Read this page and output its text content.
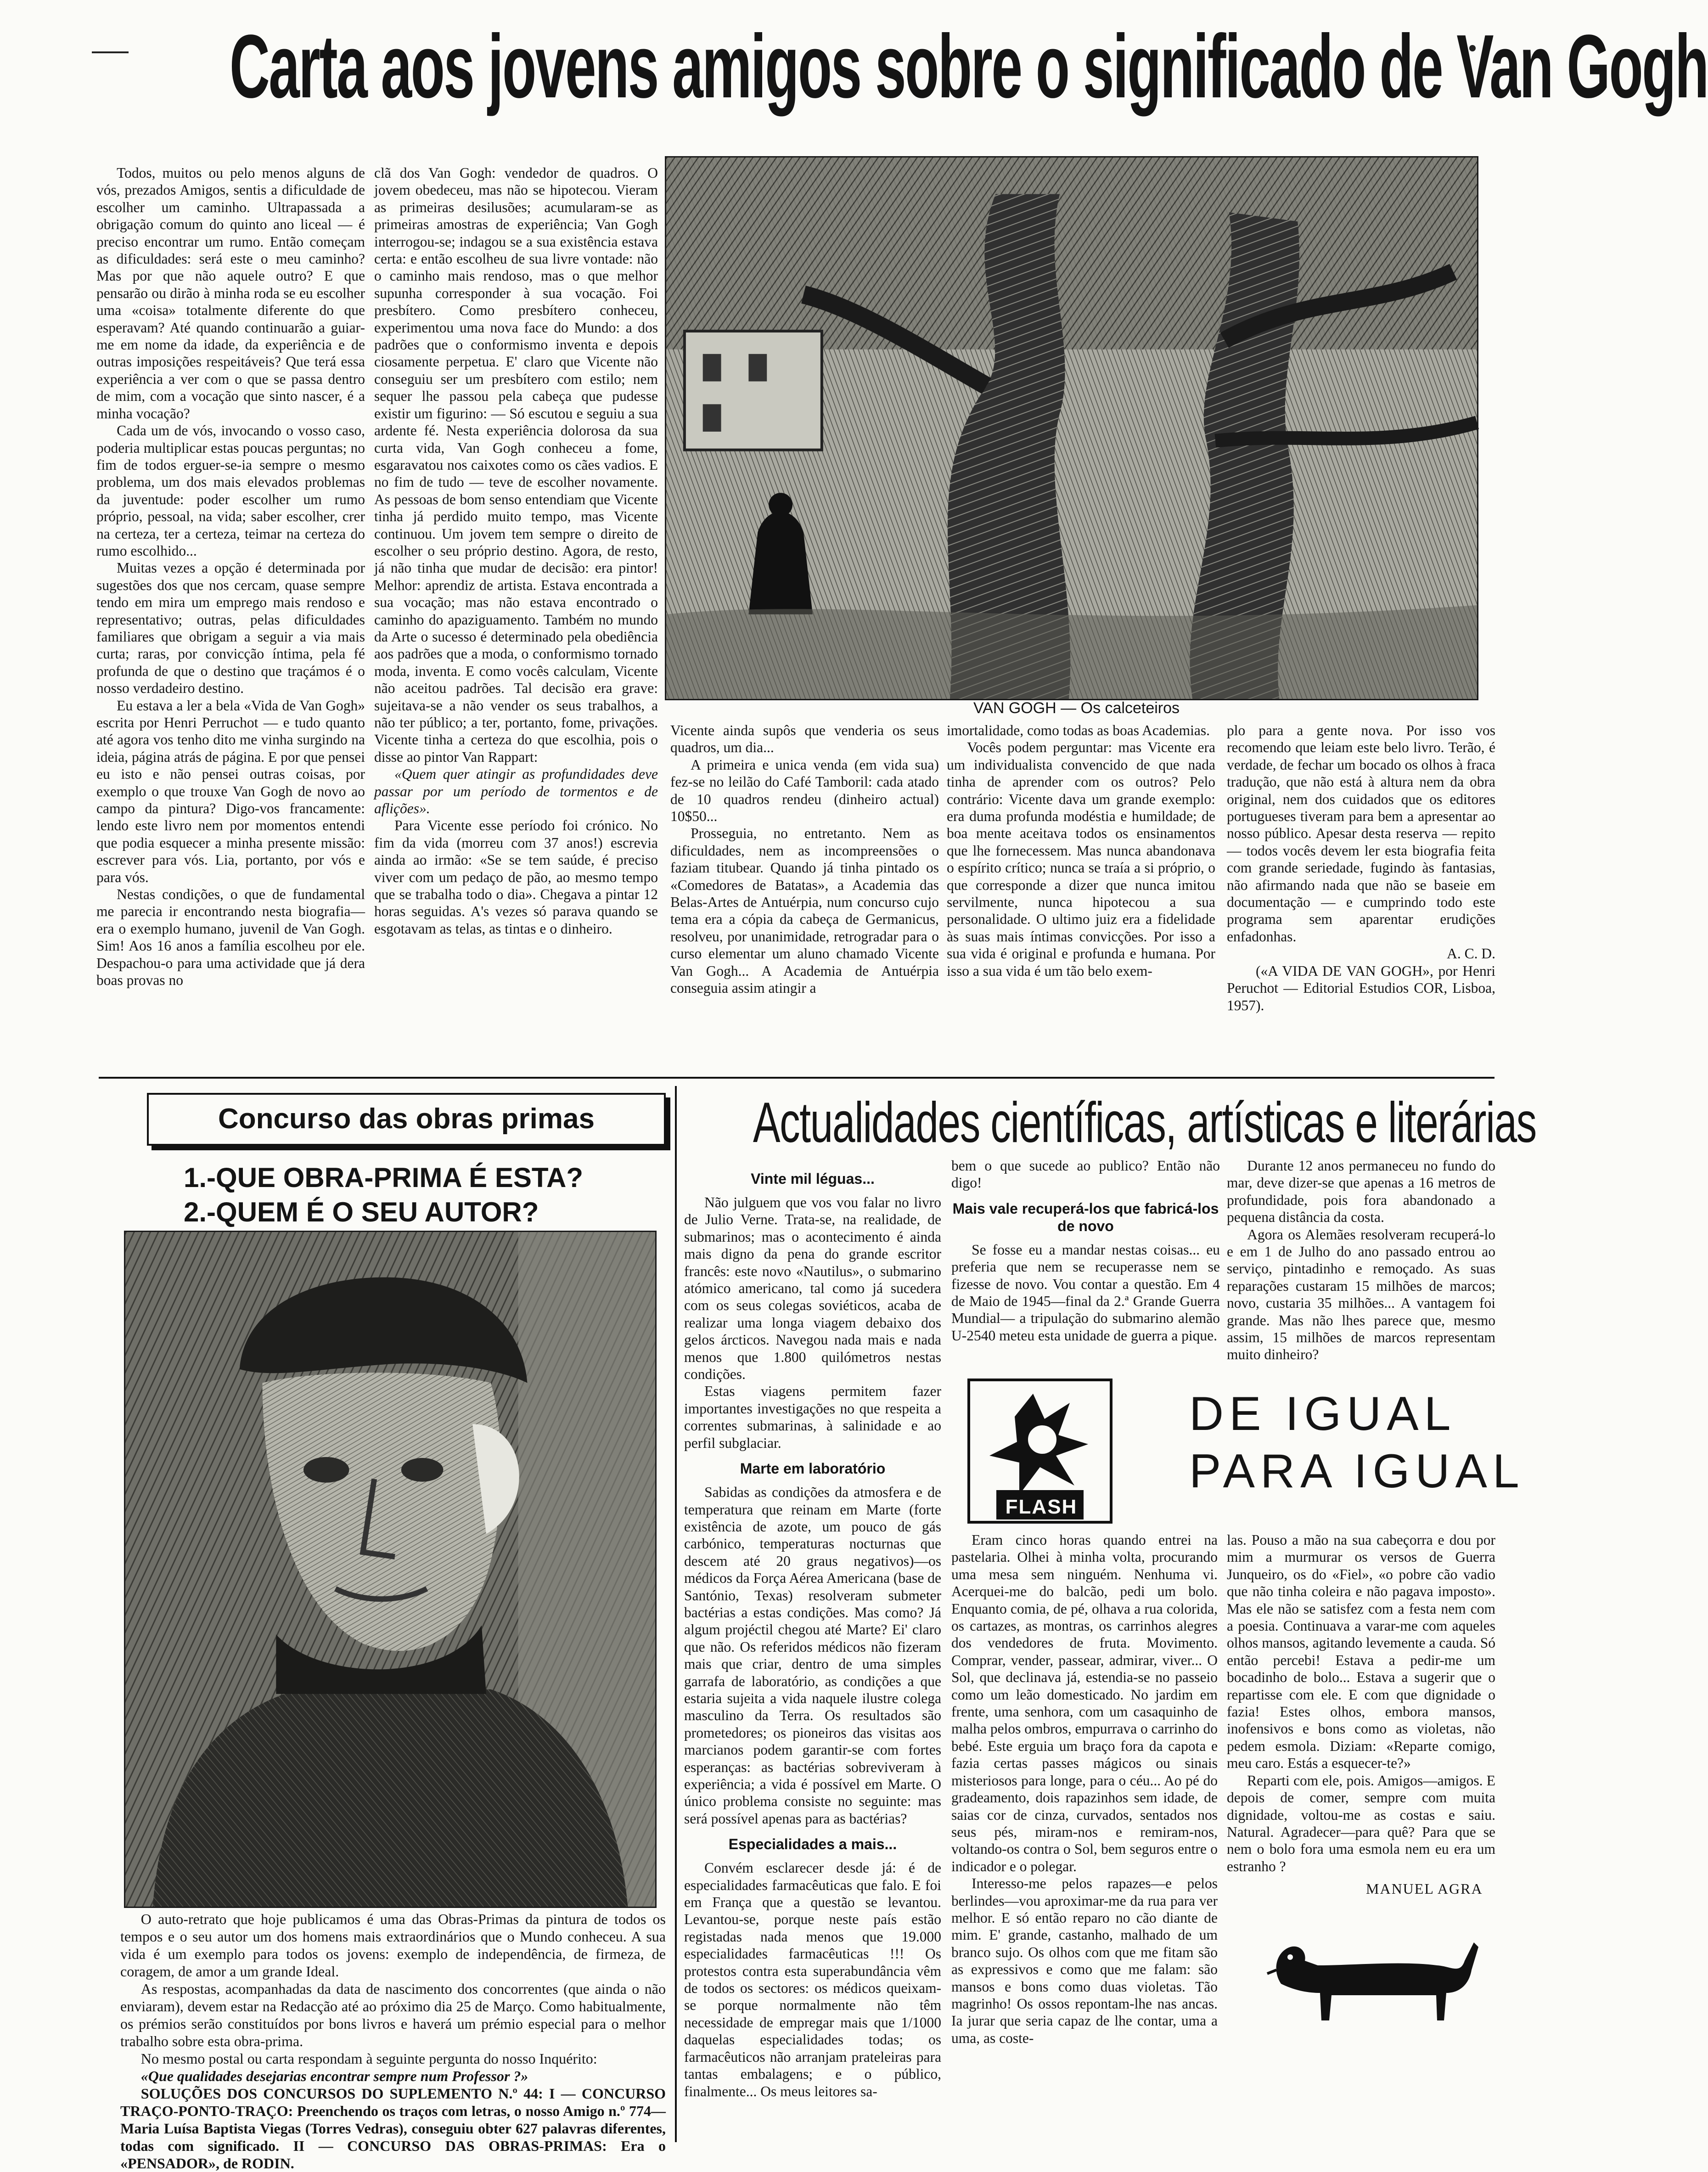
Carta aos jovens amigos sobre o significado de Van Gogh

Todos, muitos ou pelo menos alguns de vós, prezados Amigos, sentis a dificuldade de escolher um caminho. Ultrapassada a obrigação comum do quinto ano liceal — é preciso encontrar um rumo. Então começam as dificuldades: será este o meu caminho? Mas por que não aquele outro? E que pensarão ou dirão à minha roda se eu escolher uma «coisa» totalmente diferente do que esperavam? Até quando continuarão a guiar-me em nome da idade, da experiência e de outras imposições respeitáveis? Que terá essa experiência a ver com o que se passa dentro de mim, com a vocação que sinto nascer, é a minha vocação?

Cada um de vós, invocando o vosso caso, poderia multiplicar estas poucas perguntas; no fim de todos erguer-se-ia sempre o mesmo problema, um dos mais elevados problemas da juventude: poder escolher um rumo próprio, pessoal, na vida; saber escolher, crer na certeza, ter a certeza, teimar na certeza do rumo escolhido...

Muitas vezes a opção é determinada por sugestões dos que nos cercam, quase sempre tendo em mira um emprego mais rendoso e representativo; outras, pelas dificuldades familiares que obrigam a seguir a via mais curta; raras, por convicção íntima, pela fé profunda de que o destino que traçámos é o nosso verdadeiro destino.

Eu estava a ler a bela «Vida de Van Gogh» escrita por Henri Perruchot — e tudo quanto até agora vos tenho dito me vinha surgindo na ideia, página atrás de página. E por que pensei eu isto e não pensei outras coisas, por exemplo o que trouxe Van Gogh de novo ao campo da pintura? Digo-vos francamente: lendo este livro nem por momentos entendi que podia esquecer a minha presente missão: escrever para vós. Lia, portanto, por vós e para vós.

Nestas condições, o que de fundamental me parecia ir encontrando nesta biografia—era o exemplo humano, juvenil de Van Gogh. Sim! Aos 16 anos a família escolheu por ele. Despachou-o para uma actividade que já dera boas provas no

clã dos Van Gogh: vendedor de quadros. O jovem obedeceu, mas não se hipotecou. Vieram as primeiras desilusões; acumularam-se as primeiras amostras de experiência; Van Gogh interrogou-se; indagou se a sua existência estava certa: e então escolheu de sua livre vontade: não o caminho mais rendoso, mas o que melhor supunha corresponder à sua vocação. Foi presbítero. Como presbítero conheceu, experimentou uma nova face do Mundo: a dos padrões que o conformismo inventa e depois ciosamente perpetua. E' claro que Vicente não conseguiu ser um presbítero com estilo; nem sequer lhe passou pela cabeça que pudesse existir um figurino: — Só escutou e seguiu a sua ardente fé. Nesta experiência dolorosa da sua curta vida, Van Gogh conheceu a fome, esgaravatou nos caixotes como os cães vadios. E no fim de tudo — teve de escolher novamente. As pessoas de bom senso entendiam que Vicente tinha já perdido muito tempo, mas Vicente continuou. Um jovem tem sempre o direito de escolher o seu próprio destino. Agora, de resto, já não tinha que mudar de decisão: era pintor! Melhor: aprendiz de artista. Estava encontrada a sua vocação; mas não estava encontrado o caminho do apaziguamento. Também no mundo da Arte o sucesso é determinado pela obediência aos padrões que a moda, o conformismo tornado moda, inventa. E como vocês calculam, Vicente não aceitou padrões. Tal decisão era grave: sujeitava-se a não vender os seus trabalhos, a não ter público; a ter, portanto, fome, privações. Vicente tinha a certeza do que escolhia, pois o disse ao pintor Van Rappart:

«Quem quer atingir as profundidades deve passar por um período de tormentos e de aflições».

Para Vicente esse período foi crónico. No fim da vida (morreu com 37 anos!) escrevia ainda ao irmão: «Se se tem saúde, é preciso viver com um pedaço de pão, ao mesmo tempo que se trabalha todo o dia». Chegava a pintar 12 horas seguidas. A's vezes só parava quando se esgotavam as telas, as tintas e o dinheiro.

VAN GOGH — Os calceteiros

Vicente ainda supôs que venderia os seus quadros, um dia...

A primeira e unica venda (em vida sua) fez-se no leilão do Café Tamboril: cada atado de 10 quadros rendeu (dinheiro actual) 10$50...

Prosseguia, no entretanto. Nem as dificuldades, nem as incompreensões o faziam titubear. Quando já tinha pintado os «Comedores de Batatas», a Academia das Belas-Artes de Antuérpia, num concurso cujo tema era a cópia da cabeça de Germanicus, resolveu, por unanimidade, retrogradar para o curso elementar um aluno chamado Vicente Van Gogh... A Academia de Antuérpia conseguia assim atingir a

imortalidade, como todas as boas Academias.

Vocês podem perguntar: mas Vicente era um individualista convencido de que nada tinha de aprender com os outros? Pelo contrário: Vicente dava um grande exemplo: era duma profunda modéstia e humildade; de boa mente aceitava todos os ensinamentos que lhe fornecessem. Mas nunca abandonava o espírito crítico; nunca se traía a si próprio, o que corresponde a dizer que nunca imitou servilmente, nunca hipotecou a sua personalidade. O ultimo juiz era a fidelidade às suas mais íntimas convicções. Por isso a sua vida é original e profunda e humana. Por isso a sua vida é um tão belo exem-

plo para a gente nova. Por isso vos recomendo que leiam este belo livro. Terão, é verdade, de fechar um bocado os olhos à fraca tradução, que não está à altura nem da obra original, nem dos cuidados que os editores portugueses tiveram para bem a apresentar ao nosso público. Apesar desta reserva — repito — todos vocês devem ler esta biografia feita com grande seriedade, fugindo às fantasias, não afirmando nada que não se baseie em documentação — e cumprindo todo este programa sem aparentar erudições enfadonhas.

A. C. D.

(«A VIDA DE VAN GOGH», por Henri Peruchot — Editorial Estudios COR, Lisboa, 1957).

Concurso das obras primas
1.-QUE OBRA-PRIMA É ESTA?
2.-QUEM É O SEU AUTOR?

O auto-retrato que hoje publicamos é uma das Obras-Primas da pintura de todos os tempos e o seu autor um dos homens mais extraordinários que o Mundo conheceu. A sua vida é um exemplo para todos os jovens: exemplo de independência, de firmeza, de coragem, de amor a um grande Ideal.

As respostas, acompanhadas da data de nascimento dos concorrentes (que ainda o não enviaram), devem estar na Redacção até ao próximo dia 25 de Março. Como habitualmente, os prémios serão constituídos por bons livros e haverá um prémio especial para o melhor trabalho sobre esta obra-prima.

No mesmo postal ou carta respondam à seguinte pergunta do nosso Inquérito:

«Que qualidades desejarias encontrar sempre num Professor ?»

SOLUÇÕES DOS CONCURSOS DO SUPLEMENTO N.º 44: I — CONCURSO TRAÇO-PONTO-TRAÇO: Preenchendo os traços com letras, o nosso Amigo n.º 774—Maria Luísa Baptista Viegas (Torres Vedras), conseguiu obter 627 palavras diferentes, todas com significado. II — CONCURSO DAS OBRAS-PRIMAS: Era o «PENSADOR», de RODIN.

Actualidades científicas, artísticas e literárias
Vinte mil léguas...

Não julguem que vos vou falar no livro de Julio Verne. Trata-se, na realidade, de submarinos; mas o acontecimento é ainda mais digno da pena do grande escritor francês: este novo «Nautilus», o submarino atómico americano, tal como já sucedera com os seus colegas soviéticos, acaba de realizar uma longa viagem debaixo dos gelos árcticos. Navegou nada mais e nada menos que 1.800 quilómetros nestas condições.

Estas viagens permitem fazer importantes investigações no que respeita a correntes submarinas, à salinidade e ao perfil subglaciar.

Marte em laboratório

Sabidas as condições da atmosfera e de temperatura que reinam em Marte (forte existência de azote, um pouco de gás carbónico, temperaturas nocturnas que descem até 20 graus negativos)—os médicos da Força Aérea Americana (base de Santónio, Texas) resolveram submeter bactérias a estas condições. Mas como? Já algum projéctil chegou até Marte? Ei' claro que não. Os referidos médicos não fizeram mais que criar, dentro de uma simples garrafa de laboratório, as condições a que estaria sujeita a vida naquele ilustre colega masculino da Terra. Os resultados são prometedores; os pioneiros das visitas aos marcianos podem garantir-se com fortes esperanças: as bactérias sobreviveram à experiência; a vida é possível em Marte. O único problema consiste no seguinte: mas será possível apenas para as bactérias?

Especialidades a mais...

Convém esclarecer desde já: é de especialidades farmacêuticas que falo. E foi em França que a questão se levantou. Levantou-se, porque neste país estão registadas nada menos que 19.000 especialidades farmacêuticas !!! Os protestos contra esta superabundância vêm de todos os sectores: os médicos queixam-se porque normalmente não têm necessidade de empregar mais que 1/1000 daquelas especialidades todas; os farmacêuticos não arranjam prateleiras para tantas embalagens; e o público, finalmente... Os meus leitores sa-

bem o que sucede ao publico? Então não digo!

Mais vale recuperá-los que fabricá-los de novo

Se fosse eu a mandar nestas coisas... eu preferia que nem se recuperasse nem se fizesse de novo. Vou contar a questão. Em 4 de Maio de 1945—final da 2.ª Grande Guerra Mundial— a tripulação do submarino alemão U-2540 meteu esta unidade de guerra a pique.

Durante 12 anos permaneceu no fundo do mar, deve dizer-se que apenas a 16 metros de profundidade, pois fora abandonado a pequena distância da costa.

Agora os Alemães resolveram recuperá-lo e em 1 de Julho do ano passado entrou ao serviço, pintadinho e remoçado. As suas reparações custaram 15 milhões de marcos; novo, custaria 35 milhões... A vantagem foi grande. Mas não lhes parece que, mesmo assim, 15 milhões de marcos representam muito dinheiro?

FLASH
DE IGUAL
PARA IGUAL

Eram cinco horas quando entrei na pastelaria. Olhei à minha volta, procurando uma mesa sem ninguém. Nenhuma vi. Acerquei-me do balcão, pedi um bolo. Enquanto comia, de pé, olhava a rua colorida, os cartazes, as montras, os carrinhos alegres dos vendedores de fruta. Movimento. Comprar, vender, passear, admirar, viver... O Sol, que declinava já, estendia-se no passeio como um leão domesticado. No jardim em frente, uma senhora, com um casaquinho de malha pelos ombros, empurrava o carrinho do bebé. Este erguia um braço fora da capota e fazia certas passes mágicos ou sinais misteriosos para longe, para o céu... Ao pé do gradeamento, dois rapazinhos sem idade, de saias cor de cinza, curvados, sentados nos seus pés, miram-nos e remiram-nos, voltando-os contra o Sol, bem seguros entre o indicador e o polegar.

Interesso-me pelos rapazes—e pelos berlindes—vou aproximar-me da rua para ver melhor. E só então reparo no cão diante de mim. E' grande, castanho, malhado de um branco sujo. Os olhos com que me fitam são as expressivos e como que me falam: são mansos e bons como duas violetas. Tão magrinho! Os ossos repontam-lhe nas ancas. Ia jurar que seria capaz de lhe contar, uma a uma, as coste-

las. Pouso a mão na sua cabeçorra e dou por mim a murmurar os versos de Guerra Junqueiro, os do «Fiel», «o pobre cão vadio que não tinha coleira e não pagava imposto». Mas ele não se satisfez com a festa nem com a poesia. Continuava a varar-me com aqueles olhos mansos, agitando levemente a cauda. Só então percebi! Estava a pedir-me um bocadinho de bolo... Estava a sugerir que o repartisse com ele. E com que dignidade o fazia! Estes olhos, embora mansos, inofensivos e bons como as violetas, não pedem esmola. Diziam: «Reparte comigo, meu caro. Estás a esquecer-te?»

Reparti com ele, pois. Amigos—amigos. E depois de comer, sempre com muita dignidade, voltou-me as costas e saiu. Natural. Agradecer—para quê? Para que se nem o bolo fora uma esmola nem eu era um estranho ?

MANUEL AGRA
